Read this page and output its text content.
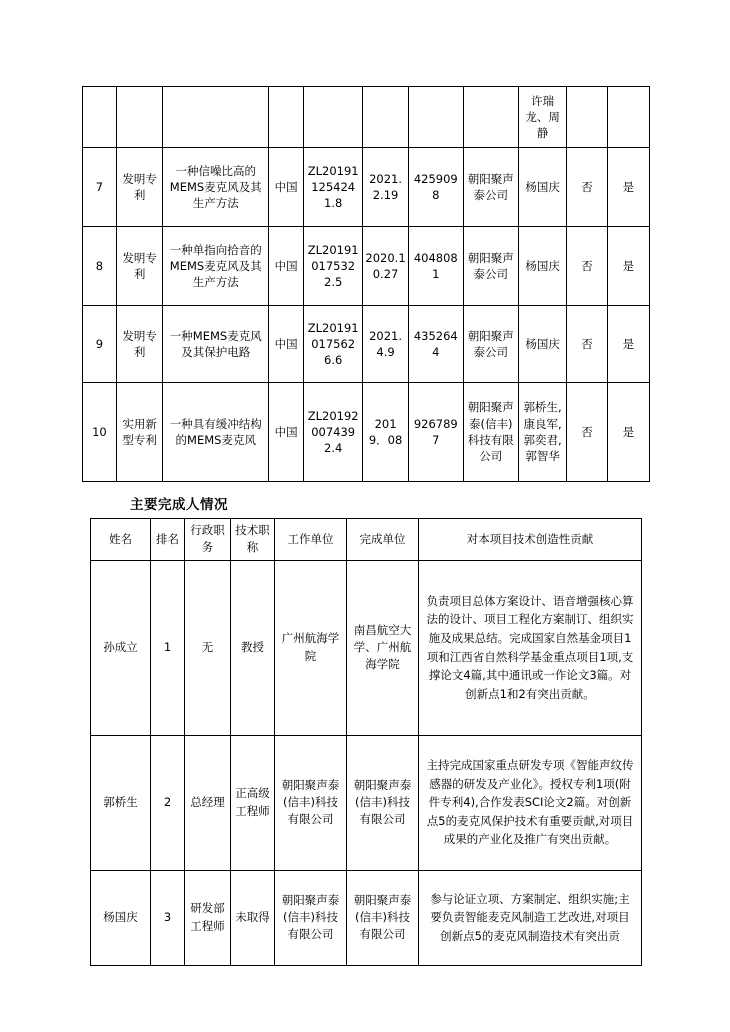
								许瑞龙、周静		
7	发明专利	一种信噪比高的MEMS麦克风及其生产方法	中国	ZL201911254241.8	2021.2.19	4259098	朝阳聚声泰公司	杨国庆	否	是
8	发明专利	一种单指向拾音的MEMS麦克风及其生产方法	中国	ZL201910175322.5	2020.10.27	4048081	朝阳聚声泰公司	杨国庆	否	是
9	发明专利	一种MEMS麦克风及其保护电路	中国	ZL201910175626.6	2021.4.9	4352644	朝阳聚声泰公司	杨国庆	否	是
10	实用新型专利	一种具有缓冲结构的MEMS麦克风	中国	ZL20192007439 2.4	2019．08	9267897	朝阳聚声泰(信丰)科技有限公司	郭桥生,康良军,郭奕君,郭智华	否	是
主要完成人情况
姓名	排名	行政职务	技术职称	工作单位	完成单位	对本项目技术创造性贡献
孙成立	1	无	教授	广州航海学院	南昌航空大学、广州航海学院	负责项目总体方案设计、语音增强核心算法的设计、项目工程化方案制订、组织实施及成果总结。完成国家自然基金项目1项和江西省自然科学基金重点项目1项,支撑论文4篇,其中通讯或一作论文3篇。对创新点1和2有突出贡献。
郭桥生	2	总经理	正高级工程师	朝阳聚声泰(信丰)科技有限公司	朝阳聚声泰(信丰)科技有限公司	主持完成国家重点研发专项《智能声纹传感器的研发及产业化》。授权专利1项(附件专利4),合作发表SCI论文2篇。对创新点5的麦克风保护技术有重要贡献,对项目成果的产业化及推广有突出贡献。
杨国庆	3	研发部工程师	未取得	朝阳聚声泰(信丰)科技有限公司	朝阳聚声泰(信丰)科技有限公司	参与论证立项、方案制定、组织实施;主要负责智能麦克风制造工艺改进,对项目创新点5的麦克风制造技术有突出贡
